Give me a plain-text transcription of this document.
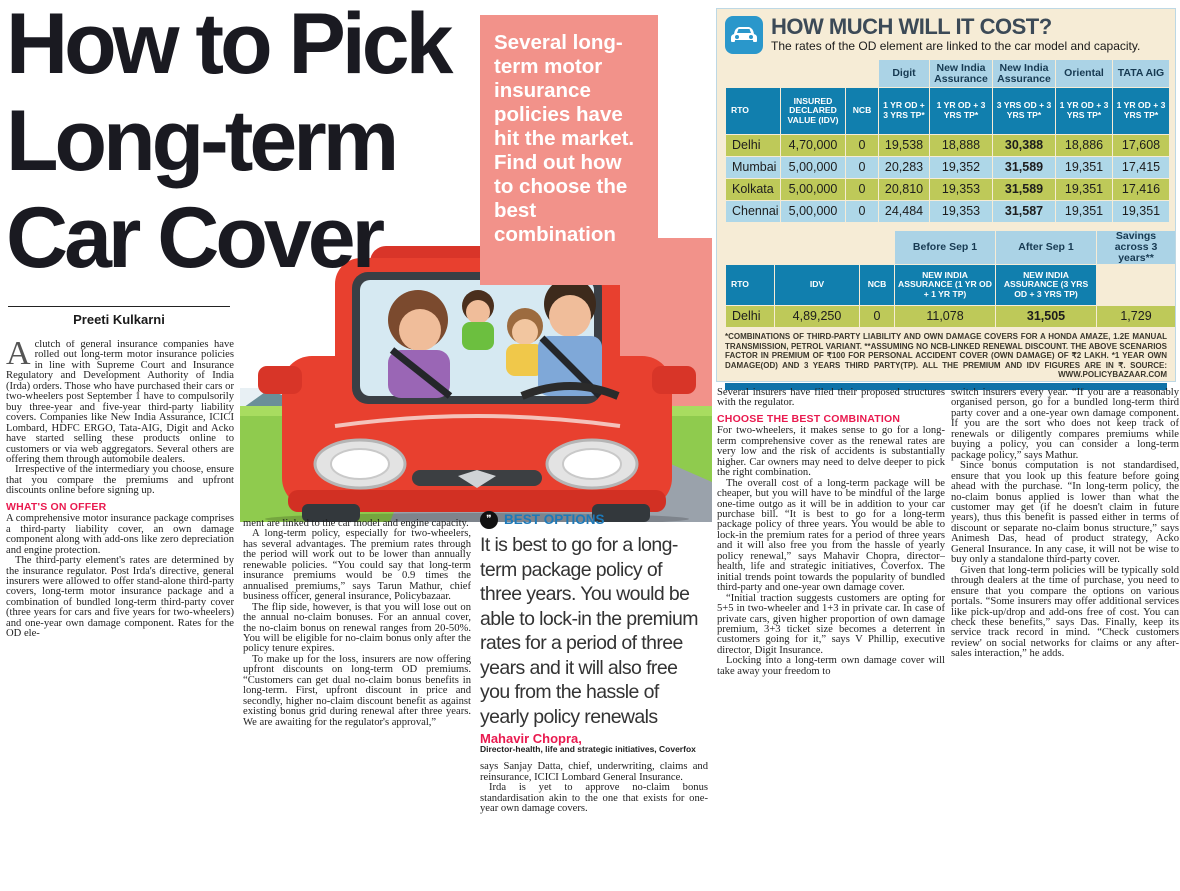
How to Pick
Long-term
Car Cover
Preeti Kulkarni
Several long-term motor insurance policies have hit the market. Find out how to choose the best combination
HOW MUCH WILL IT COST?
The rates of the OD element are linked to the car model and capacity.
			Digit	New India Assurance	New India Assurance	Oriental	TATA AIG
RTO	INSURED DECLARED VALUE (IDV)	NCB	1 YR OD + 3 YRS TP*	1 YR OD + 3 YRS TP*	3 YRS OD + 3 YRS TP*	1 YR OD + 3 YRS TP*	1 YR OD + 3 YRS TP*
Delhi	4,70,000	0	19,538	18,888	30,388	18,886	17,608
Mumbai	5,00,000	0	20,283	19,352	31,589	19,351	17,415
Kolkata	5,00,000	0	20,810	19,353	31,589	19,351	17,416
Chennai	5,00,000	0	24,484	19,353	31,587	19,351	19,351
			Before Sep 1	After Sep 1	Savings across 3 years**
RTO	IDV	NCB	NEW INDIA ASSURANCE (1 YR OD + 1 YR TP)	NEW INDIA ASSURANCE (3 YRS OD + 3 YRS TP)	
Delhi	4,89,250	0	11,078	31,505	1,729
*COMBINATIONS OF THIRD-PARTY LIABILITY AND OWN DAMAGE COVERS FOR A HONDA AMAZE, 1.2E MANUAL TRANSMISSION, PETROL VARIANT. **ASSUMING NO NCB-LINKED RENEWAL DISCOUNT. THE ABOVE SCENARIOS FACTOR IN PREMIUM OF ₹100 FOR PERSONAL ACCIDENT COVER (OWN DAMAGE) OF ₹2 LAKH. *1 YEAR OWN DAMAGE(OD) AND 3 YEARS THIRD PARTY(TP). ALL THE PREMIUM AND IDV FIGURES ARE IN ₹. SOURCE: WWW.POLICYBAZAAR.COM

Aclutch of general insurance companies have rolled out long-term motor insurance policies in line with Supreme Court and Insurance Regulatory and Development Authority of India (Irda) orders. Those who have purchased their cars or two-wheelers post September 1 have to compulsorily buy three-year and five-year third-party liability covers. Companies like New India Assurance, ICICI Lombard, HDFC ERGO, Tata-AIG, Digit and Acko have started selling these products online to customers or via web aggregators. Several others are offering them through automobile dealers.

Irrespective of the intermediary you choose, ensure that you compare the premiums and upfront discounts online before signing up.

WHAT'S ON OFFER

A comprehensive motor insurance package comprises a third-party liability cover, an own damage component along with add-ons like zero depreciation and engine protection.

The third-party element's rates are determined by the insurance regulator. Post Irda's directive, general insurers were allowed to offer stand-alone third-party covers, long-term motor insurance package and a combination of bundled long-term third-party cover (three years for cars and five years for two-wheelers) and one-year own damage component. Rates for the OD ele-

ment are linked to the car model and engine capacity.

A long-term policy, especially for two-wheelers, has several advantages. The premium rates through the period will work out to be lower than annually renewable policies. “You could say that long-term insurance premiums would be 0.9 times the annualised premiums,” says Tarun Mathur, chief business officer, general insurance, Policybazaar.

The flip side, however, is that you will lose out on the annual no-claim bonuses. For an annual cover, the no-claim bonus on renewal ranges from 20-50%. You will be eligible for no-claim bonus only after the policy tenure expires.

To make up for the loss, insurers are now offering upfront discounts on long-term OD premiums. “Customers can get dual no-claim bonus benefits in long-term. First, upfront discount in price and secondly, higher no-claim discount benefit as against existing bonus grid during renewal after three years. We are awaiting for the regulator's approval,”

❞ BEST OPTIONS
It is best to go for a long-term package policy of three years. You would be able to lock-in the premium rates for a period of three years and it will also free you from the hassle of yearly policy renewals
Mahavir Chopra,
Director-health, life and strategic initiatives, Coverfox

says Sanjay Datta, chief, underwriting, claims and reinsurance, ICICI Lombard General Insurance.

Irda is yet to approve no-claim bonus standardisation akin to the one that exists for one-year own damage covers.

Several insurers have filed their proposed structures with the regulator.

CHOOSE THE BEST COMBINATION

For two-wheelers, it makes sense to go for a long-term comprehensive cover as the renewal rates are very low and the risk of accidents is substantially higher. Car owners may need to delve deeper to pick the right combination.

The overall cost of a long-term package will be cheaper, but you will have to be mindful of the large one-time outgo as it will be in addition to your car purchase bill. “It is best to go for a long-term package policy of three years. You would be able to lock-in the premium rates for a period of three years and it will also free you from the hassle of yearly policy renewal,” says Mahavir Chopra, director–health, life and strategic initiatives, Coverfox. The initial trends point towards the popularity of bundled third-party and one-year own damage cover.

“Initial traction suggests customers are opting for 5+5 in two-wheeler and 1+3 in private car. In case of private cars, given higher proportion of own damage premium, 3+3 ticket size becomes a deterrent in customers going for it,” says V Phillip, executive director, Digit Insurance.

Locking into a long-term own damage cover will take away your freedom to

switch insurers every year. “If you are a reasonably organised person, go for a bundled long-term third party cover and a one-year own damage component. If you are the sort who does not keep track of renewals or diligently compares premiums while buying a policy, you can consider a long-term package policy,” says Mathur.

Since bonus computation is not standardised, ensure that you look up this feature before going ahead with the purchase. “In long-term policy, the no-claim bonus applied is lower than what the customer may get (if he doesn't claim in future years), thus this benefit is passed either in terms of discount or separate no-claim bonus structure,” says Animesh Das, head of product strategy, Acko General Insurance. In any case, it will not be wise to buy only a standalone third-party cover.

Given that long-term policies will be typically sold through dealers at the time of purchase, you need to ensure that you compare the options on various portals. “Some insurers may offer additional services like pick-up/drop and add-ons free of cost. You can check these benefits,” says Das. Finally, keep its service track record in mind. “Check customers review' on social networks for claims or any after-sales interaction,” he adds.
